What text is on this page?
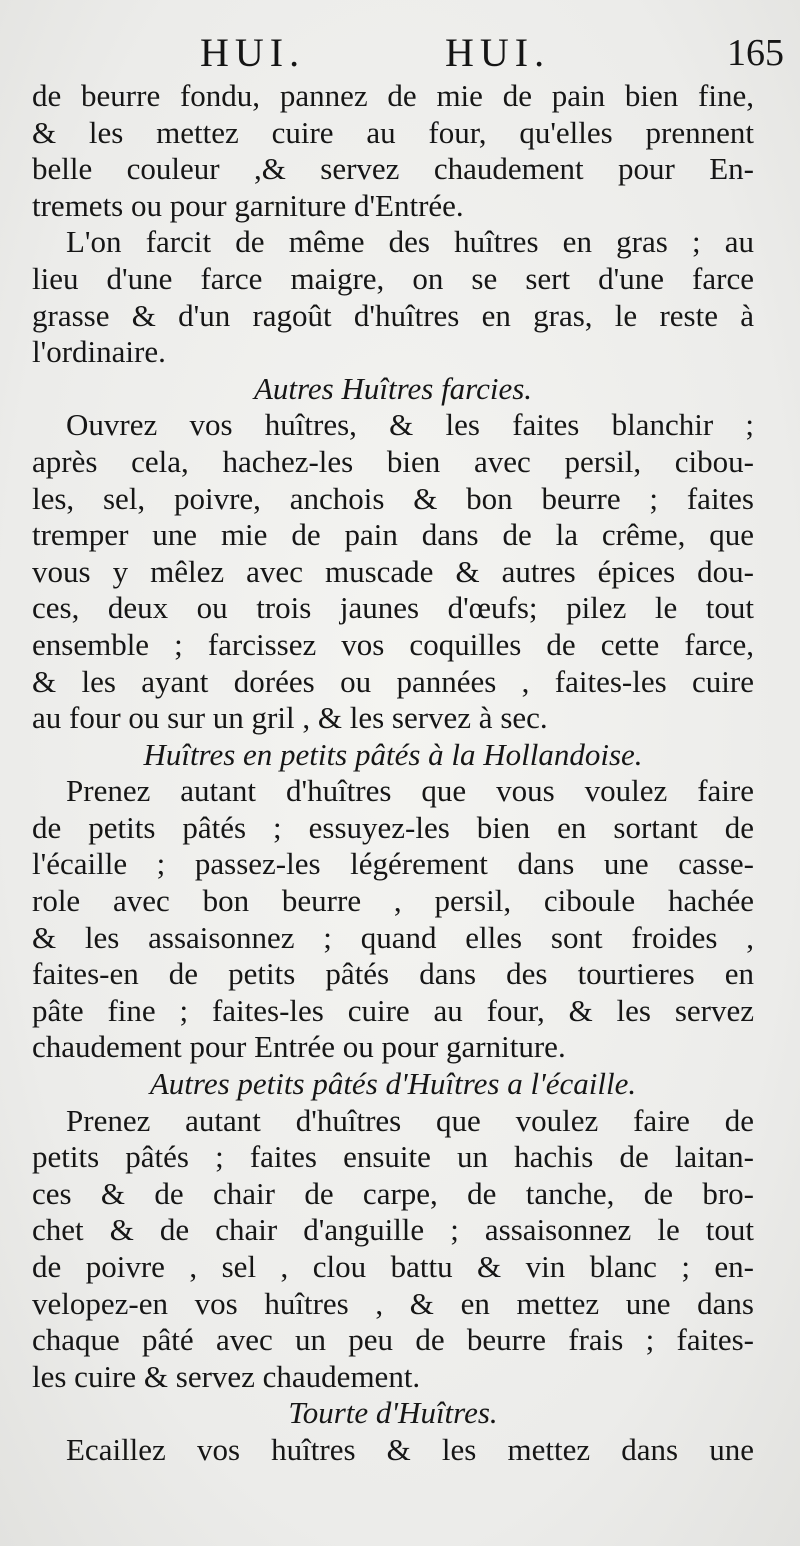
HUI.	HUI.	165
de beurre fondu, pannez de mie de pain bien fine,
& les mettez cuire au four, qu'elles prennent
belle couleur ,& servez chaudement pour En-
tremets ou pour garniture d'Entrée.
L'on farcit de même des huîtres en gras ; au
lieu d'une farce maigre, on se sert d'une farce
grasse & d'un ragoût d'huîtres en gras, le reste à
l'ordinaire.
Autres Huîtres farcies.
Ouvrez vos huîtres, & les faites blanchir ;
après cela, hachez-les bien avec persil, cibou-
les, sel, poivre, anchois & bon beurre ; faites
tremper une mie de pain dans de la crême, que
vous y mêlez avec muscade & autres épices dou-
ces, deux ou trois jaunes d'œufs; pilez le tout
ensemble ; farcissez vos coquilles de cette farce,
& les ayant dorées ou pannées , faites-les cuire
au four ou sur un gril , & les servez à sec.
Huîtres en petits pâtés à la Hollandoise.
Prenez autant d'huîtres que vous voulez faire
de petits pâtés ; essuyez-les bien en sortant de
l'écaille ; passez-les légérement dans une casse-
role avec bon beurre , persil, ciboule hachée
& les assaisonnez ; quand elles sont froides ,
faites-en de petits pâtés dans des tourtieres en
pâte fine ; faites-les cuire au four, & les servez
chaudement pour Entrée ou pour garniture.
Autres petits pâtés d'Huîtres a l'écaille.
Prenez autant d'huîtres que voulez faire de
petits pâtés ; faites ensuite un hachis de laitan-
ces & de chair de carpe, de tanche, de bro-
chet & de chair d'anguille ; assaisonnez le tout
de poivre , sel , clou battu & vin blanc ; en-
velopez-en vos huîtres , & en mettez une dans
chaque pâté avec un peu de beurre frais ; faites-
les cuire & servez chaudement.
Tourte d'Huîtres.
Ecaillez vos huîtres & les mettez dans une
